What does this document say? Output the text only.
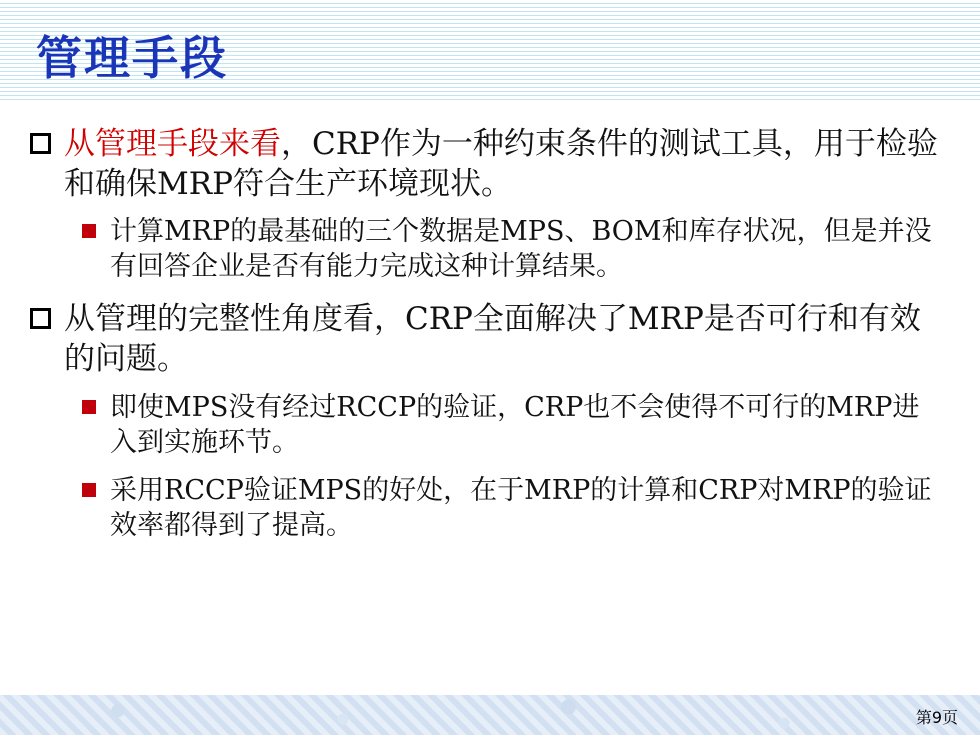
管理手段
从管理手段来看，CRP作为一种约束条件的测试工具，用于检验和确保MRP符合生产环境现状。
计算MRP的最基础的三个数据是MPS、BOM和库存状况，但是并没有回答企业是否有能力完成这种计算结果。
从管理的完整性角度看，CRP全面解决了MRP是否可行和有效的问题。
即使MPS没有经过RCCP的验证，CRP也不会使得不可行的MRP进入到实施环节。
采用RCCP验证MPS的好处，在于MRP的计算和CRP对MRP的验证效率都得到了提高。
第9页
